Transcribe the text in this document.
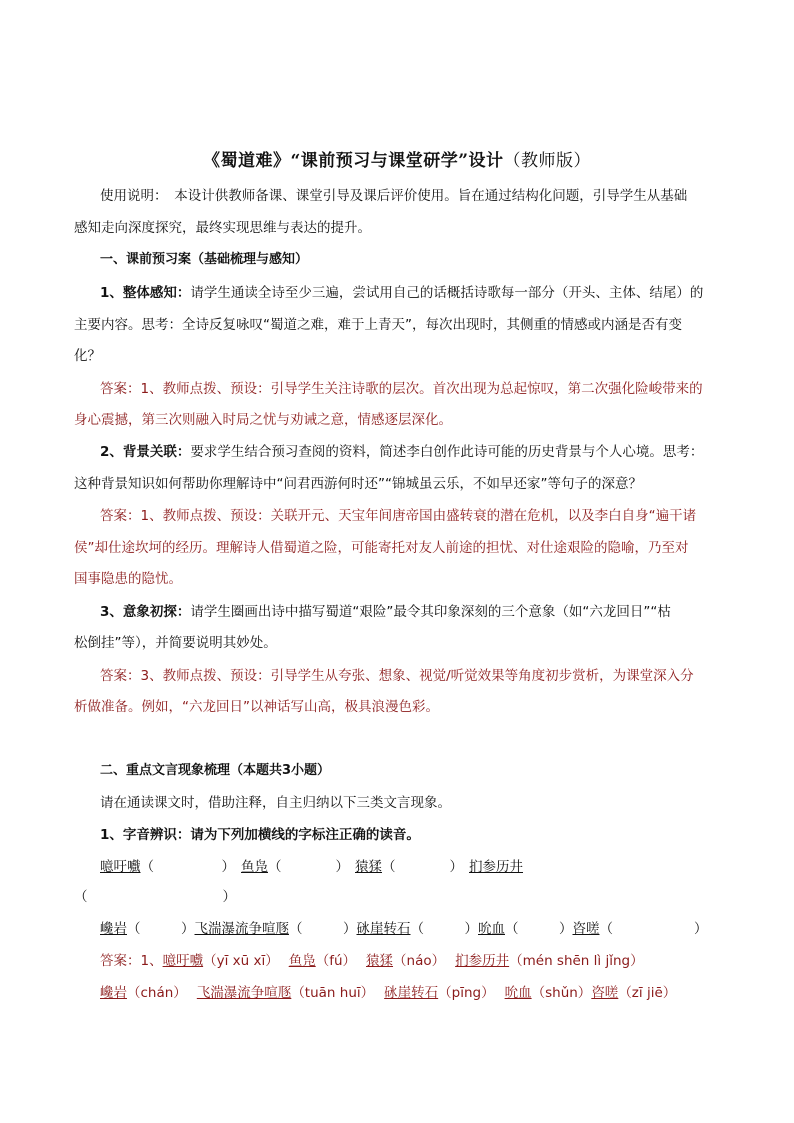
《蜀道难》“课前预习与课堂研学”设计（教师版）
使用说明：　本设计供教师备课、课堂引导及课后评价使用。旨在通过结构化问题，引导学生从基础
感知走向深度探究，最终实现思维与表达的提升。
一、课前预习案（基础梳理与感知）
1、整体感知：请学生通读全诗至少三遍，尝试用自己的话概括诗歌每一部分（开头、主体、结尾）的
主要内容。思考：全诗反复咏叹“蜀道之难，难于上青天”，每次出现时，其侧重的情感或内涵是否有变
化？
答案：1、教师点拨、预设：引导学生关注诗歌的层次。首次出现为总起惊叹，第二次强化险峻带来的
身心震撼，第三次则融入时局之忧与劝诫之意，情感逐层深化。
2、背景关联：要求学生结合预习查阅的资料，简述李白创作此诗可能的历史背景与个人心境。思考：
这种背景知识如何帮助你理解诗中“问君西游何时还”“锦城虽云乐，不如早还家”等句子的深意？
答案：1、教师点拨、预设：关联开元、天宝年间唐帝国由盛转衰的潜在危机，以及李白自身“遍干诸
侯”却仕途坎坷的经历。理解诗人借蜀道之险，可能寄托对友人前途的担忧、对仕途艰险的隐喻，乃至对
国事隐患的隐忧。
3、意象初探：请学生圈画出诗中描写蜀道“艰险”最令其印象深刻的三个意象（如“六龙回日”“枯
松倒挂”等），并简要说明其妙处。
答案：3、教师点拨、预设：引导学生从夸张、想象、视觉/听觉效果等角度初步赏析，为课堂深入分
析做准备。例如，“六龙回日”以神话写山高，极具浪漫色彩。
二、重点文言现象梳理（本题共3小题）
请在通读课文时，借助注释，自主归纳以下三类文言现象。
1、字音辨识：请为下列加横线的字标注正确的读音。
噫吁嚱（　　　　　） 鱼凫（　　　　） 猿猱（　　　　） 扪参历井
（　　　　　　　　　　）
巉岩（　　　）飞湍瀑流争喧豗（　　　）砯崖转石（　　　）吮血（　　　）咨嗟（　　　　　　）
答案：1、噫吁嚱（yī xū xī） 鱼凫（fú） 猿猱（náo） 扪参历井（mén shēn lì jǐng）
巉岩（chán） 飞湍瀑流争喧豗（tuān huī） 砯崖转石（pīng） 吮血（shǔn）咨嗟（zī jiē）
